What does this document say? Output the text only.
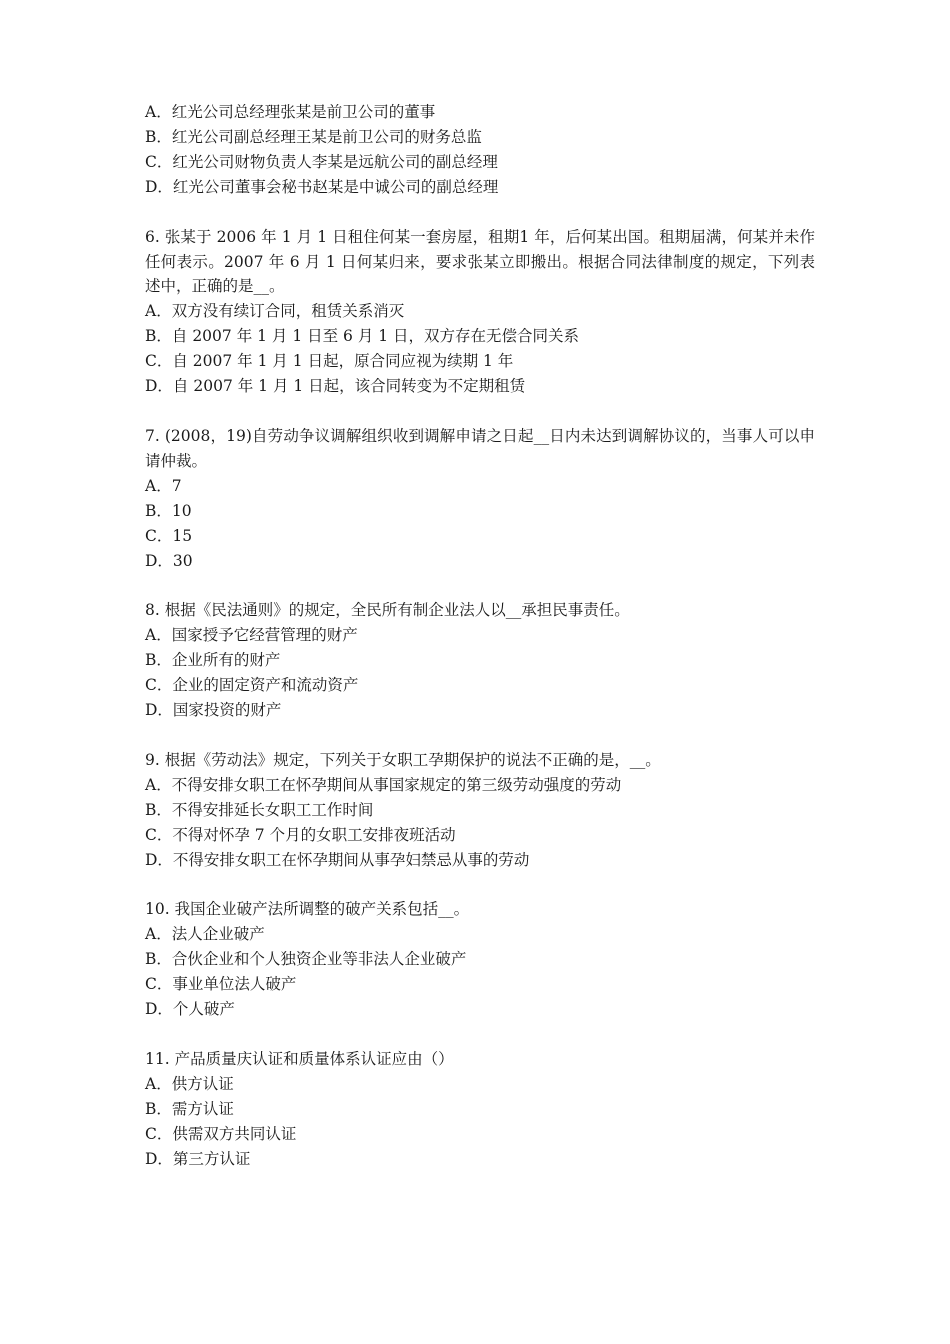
A．红光公司总经理张某是前卫公司的董事

B．红光公司副总经理王某是前卫公司的财务总监

C．红光公司财物负责人李某是远航公司的副总经理

D．红光公司董事会秘书赵某是中诚公司的副总经理

6. 张某于 2006 年 1 月 1 日租住何某一套房屋，租期1 年，后何某出国。租期届满，何某并未作任何表示。2007 年 6 月 1 日何某归来，要求张某立即搬出。根据合同法律制度的规定，下列表述中，正确的是__。

A．双方没有续订合同，租赁关系消灭

B．自 2007 年 1 月 1 日至 6 月 1 日，双方存在无偿合同关系

C．自 2007 年 1 月 1 日起，原合同应视为续期 1 年

D．自 2007 年 1 月 1 日起，该合同转变为不定期租赁

7. (2008，19)自劳动争议调解组织收到调解申请之日起__日内未达到调解协议的，当事人可以申请仲裁。

A．7

B．10

C．15

D．30

8. 根据《民法通则》的规定，全民所有制企业法人以__承担民事责任。

A．国家授予它经营管理的财产

B．企业所有的财产

C．企业的固定资产和流动资产

D．国家投资的财产

9. 根据《劳动法》规定，下列关于女职工孕期保护的说法不正确的是，__。

A．不得安排女职工在怀孕期间从事国家规定的第三级劳动强度的劳动

B．不得安排延长女职工工作时间

C．不得对怀孕 7 个月的女职工安排夜班活动

D．不得安排女职工在怀孕期间从事孕妇禁忌从事的劳动

10. 我国企业破产法所调整的破产关系包括__。

A．法人企业破产

B．合伙企业和个人独资企业等非法人企业破产

C．事业单位法人破产

D．个人破产

11. 产品质量庆认证和质量体系认证应由（）

A．供方认证

B．需方认证

C．供需双方共同认证

D．第三方认证
